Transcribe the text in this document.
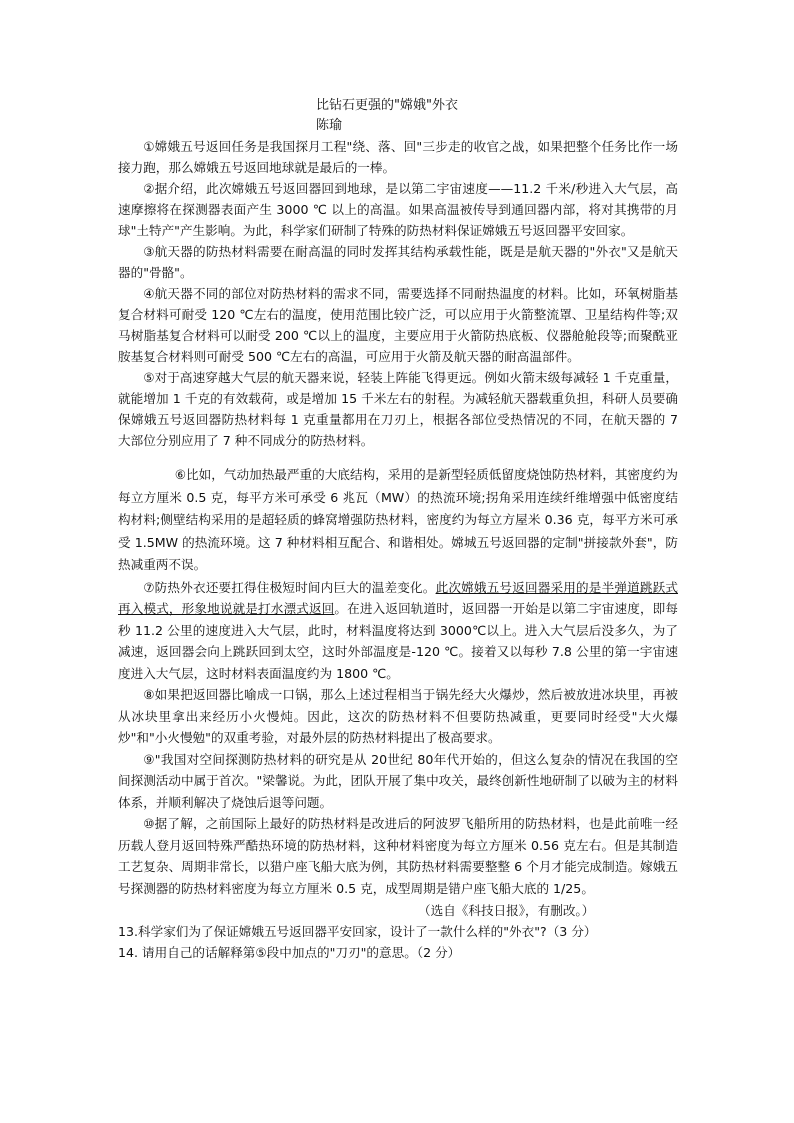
比钻石更强的"嫦娥"外衣
陈瑜

①嫦娥五号返回任务是我国探月工程"绕、落、回"三步走的收官之战，如果把整个任务比作一场接力跑，那么嫦娥五号返回地球就是最后的一棒。

②据介绍，此次嫦娥五号返回器回到地球，是以第二宇宙速度——11.2 千米/秒进入大气层，高速摩擦将在探测器表面产生 3000 ℃ 以上的高温。如果高温被传导到通回器内部，将对其携带的月球"土特产"产生影响。为此，科学家们研制了特殊的防热材料保证嫦娥五号返回器平安回家。

③航天器的防热材料需要在耐高温的同时发挥其结构承载性能，既是是航天器的"外衣"又是航天器的"骨骼"。

④航天器不同的部位对防热材料的需求不同，需要选择不同耐热温度的材料。比如，环氧树脂基复合材料可耐受 120 ℃左右的温度，使用范围比较广泛，可以应用于火箭整流罩、卫星结构件等;双马树脂基复合材料可以耐受 200 ℃以上的温度，主要应用于火箭防热底板、仪器舱舱段等;而聚酰亚胺基复合材料则可耐受 500 ℃左右的高温，可应用于火箭及航天器的耐高温部件。

⑤对于高速穿越大气层的航天器来说，轻装上阵能飞得更远。例如火箭末级每减轻 1 千克重量，就能增加 1 千克的有效载荷，或是增加 15 千米左右的射程。为减轻航天器载重负担，科研人员要确保嫦娥五号返回器防热材料每 1 克重量都用在刀刃上，根据各部位受热情况的不同，在航天器的 7 大部位分别应用了 7 种不同成分的防热材料。

⑥比如，气动加热最严重的大底结构，采用的是新型轻质低留度烧蚀防热材料，其密度约为每立方厘米 0.5 克，每平方米可承受 6 兆瓦（MW）的热流环境;拐角采用连续纤维增强中低密度结构材料;侧壁结构采用的是超轻质的蜂窝增强防热材料，密度约为每立方屋米 0.36 克，每平方米可承受 1.5MW 的热流环境。这 7 种材料相互配合、和谐相处。嫦城五号返回器的定制"拼接款外套"，防热减重两不误。

⑦防热外衣还要扛得住极短时间内巨大的温差变化。此次嫦娥五号返回器采用的是半弹道跳跃式再入模式，形象地说就是打水漂式返回。在进入返回轨道时，返回器一开始是以第二宇宙速度，即每秒 11.2 公里的速度进入大气层，此时，材料温度将达到 3000℃以上。进入大气层后没多久，为了减速，返回器会向上跳跃回到太空，这时外部温度是-120 ℃。接着又以每秒 7.8 公里的第一宇宙速度进入大气层，这时材料表面温度约为 1800 ℃。

⑧如果把返回器比喻成一口锅，那么上述过程相当于锅先经大火爆炒，然后被放进冰块里，再被从冰块里拿出来经历小火慢炖。因此，这次的防热材料不但要防热减重，更要同时经受"大火爆炒"和"小火慢勉"的双重考验，对最外层的防热材料提出了极高要求。

⑨"我国对空间探测防热材料的研究是从 20世纪 80年代开始的，但这么复杂的情况在我国的空间探测活动中属于首次。"梁馨说。为此，团队开展了集中攻关，最终创新性地研制了以破为主的材料体系，并顺利解决了烧蚀后退等问题。

⑩据了解，之前国际上最好的防热材料是改进后的阿波罗飞船所用的防热材料，也是此前唯一经历载人登月返回特殊严酷热环境的防热材料，这种材料密度为每立方厘米 0.56 克左右。但是其制造工艺复杂、周期非常长，以猎户座飞船大底为例，其防热材料需要整整 6 个月才能完成制造。嫁娥五号探测器的防热材料密度为每立方厘米 0.5 克，成型周期是错户座飞船大底的 1/25。

（选自《科技日报》，有删改。）

13.科学家们为了保证嫦娥五号返回器平安回家，设计了一款什么样的"外衣"?（3 分）

14. 请用自己的话解释第⑤段中加点的"刀刃"的意思。（2 分）
